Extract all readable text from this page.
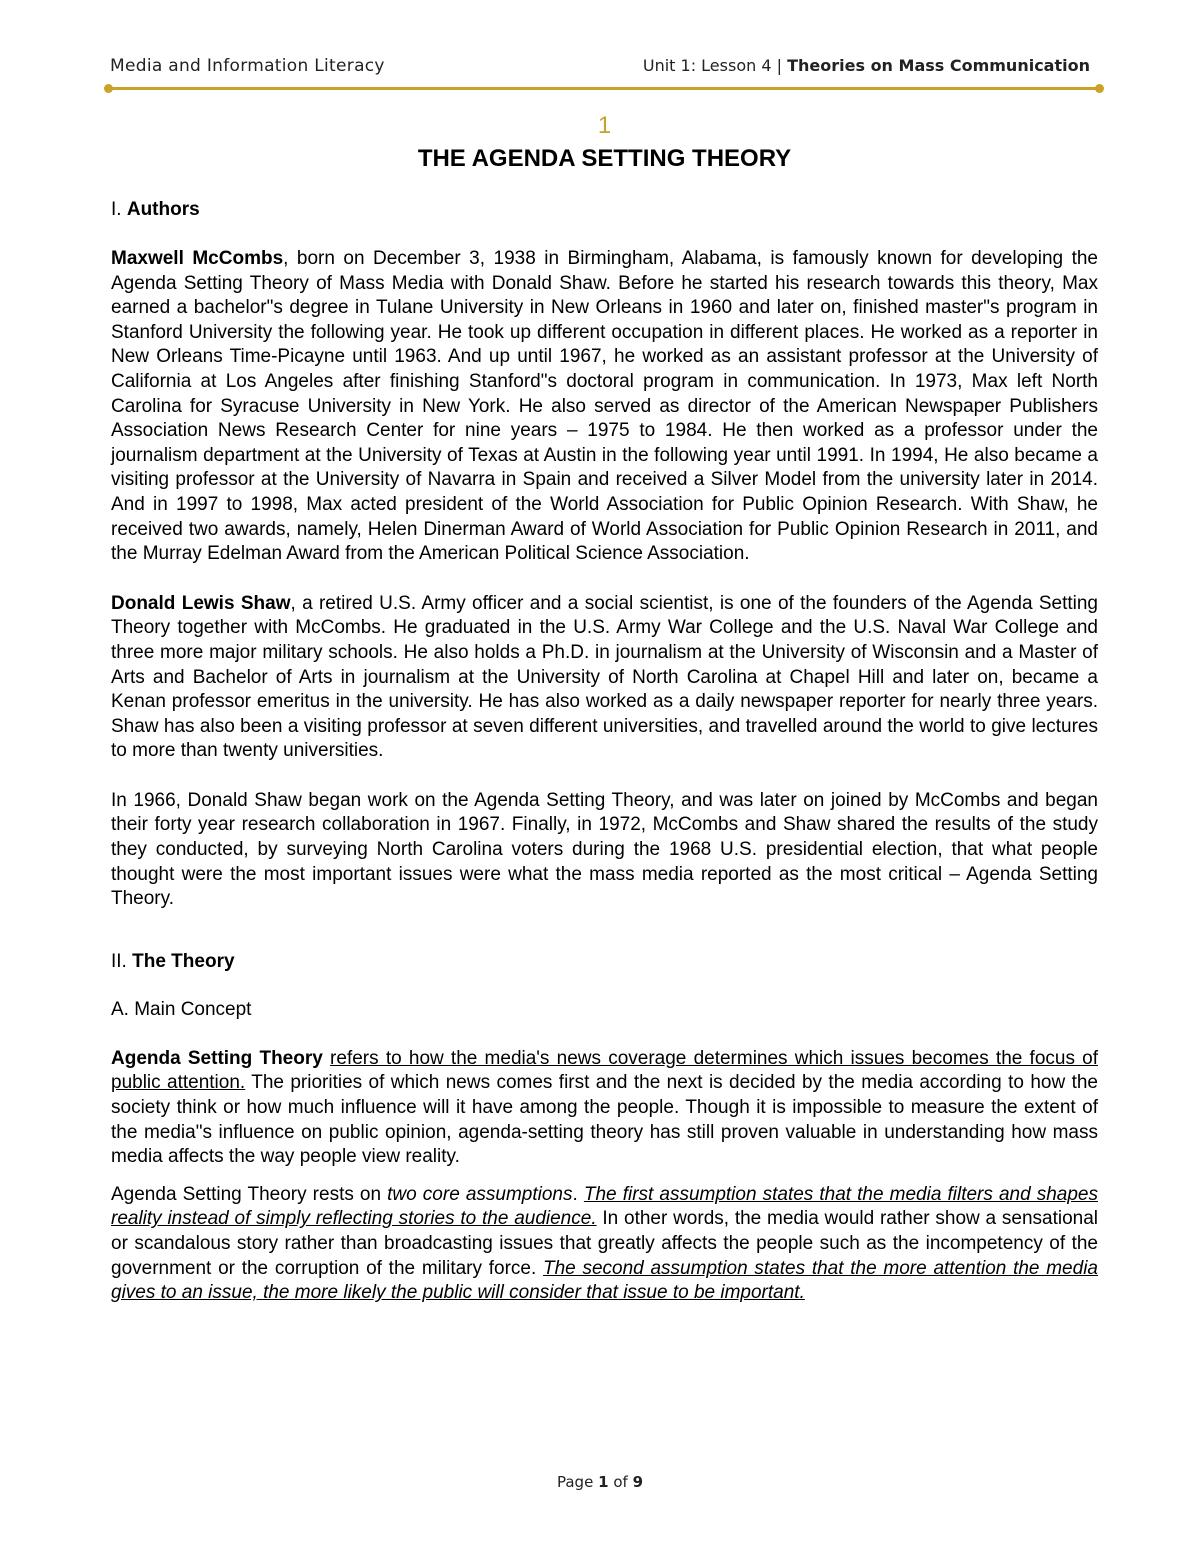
Media and Information Literacy	Unit 1: Lesson 4 | Theories on Mass Communication
1
THE AGENDA SETTING THEORY
I. Authors

Maxwell McCombs, born on December 3, 1938 in Birmingham, Alabama, is famously known for developing the Agenda Setting Theory of Mass Media with Donald Shaw. Before he started his research towards this theory, Max earned a bachelor"s degree in Tulane University in New Orleans in 1960 and later on, finished master"s program in Stanford University the following year. He took up different occupation in different places. He worked as a reporter in New Orleans Time-Picayne until 1963. And up until 1967, he worked as an assistant professor at the University of California at Los Angeles after finishing Stanford"s doctoral program in communication. In 1973, Max left North Carolina for Syracuse University in New York. He also served as director of the American Newspaper Publishers Association News Research Center for nine years – 1975 to 1984. He then worked as a professor under the journalism department at the University of Texas at Austin in the following year until 1991. In 1994, He also became a visiting professor at the University of Navarra in Spain and received a Silver Model from the university later in 2014. And in 1997 to 1998, Max acted president of the World Association for Public Opinion Research. With Shaw, he received two awards, namely, Helen Dinerman Award of World Association for Public Opinion Research in 2011, and the Murray Edelman Award from the American Political Science Association.

Donald Lewis Shaw, a retired U.S. Army officer and a social scientist, is one of the founders of the Agenda Setting Theory together with McCombs. He graduated in the U.S. Army War College and the U.S. Naval War College and three more major military schools. He also holds a Ph.D. in journalism at the University of Wisconsin and a Master of Arts and Bachelor of Arts in journalism at the University of North Carolina at Chapel Hill and later on, became a Kenan professor emeritus in the university. He has also worked as a daily newspaper reporter for nearly three years. Shaw has also been a visiting professor at seven different universities, and travelled around the world to give lectures to more than twenty universities.

In 1966, Donald Shaw began work on the Agenda Setting Theory, and was later on joined by McCombs and began their forty year research collaboration in 1967. Finally, in 1972, McCombs and Shaw shared the results of the study they conducted, by surveying North Carolina voters during the 1968 U.S. presidential election, that what people thought were the most important issues were what the mass media reported as the most critical – Agenda Setting Theory.

II. The Theory
A. Main Concept

Agenda Setting Theory refers to how the media's news coverage determines which issues becomes the focus of public attention. The priorities of which news comes first and the next is decided by the media according to how the society think or how much influence will it have among the people. Though it is impossible to measure the extent of the media"s influence on public opinion, agenda-setting theory has still proven valuable in understanding how mass media affects the way people view reality.

Agenda Setting Theory rests on two core assumptions. The first assumption states that the media filters and shapes reality instead of simply reflecting stories to the audience. In other words, the media would rather show a sensational or scandalous story rather than broadcasting issues that greatly affects the people such as the incompetency of the government or the corruption of the military force. The second assumption states that the more attention the media gives to an issue, the more likely the public will consider that issue to be important.

Page 1 of 9
